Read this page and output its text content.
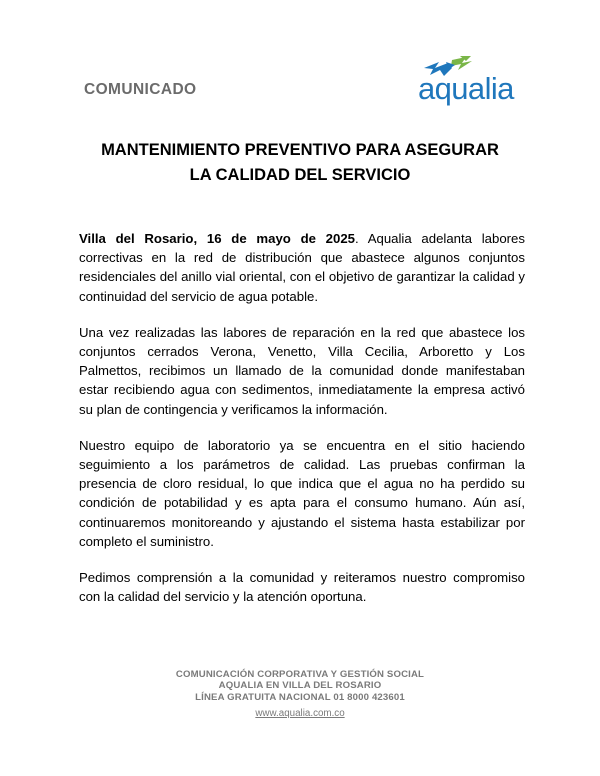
COMUNICADO	aqualia
MANTENIMIENTO PREVENTIVO PARA ASEGURAR
LA CALIDAD DEL SERVICIO

Villa del Rosario, 16 de mayo de 2025. Aqualia adelanta labores correctivas en la red de distribución que abastece algunos conjuntos residenciales del anillo vial oriental, con el objetivo de garantizar la calidad y continuidad del servicio de agua potable.

Una vez realizadas las labores de reparación en la red que abastece los conjuntos cerrados Verona, Venetto, Villa Cecilia, Arboretto y Los Palmettos, recibimos un llamado de la comunidad donde manifestaban estar recibiendo agua con sedimentos, inmediatamente la empresa activó su plan de contingencia y verificamos la información.

Nuestro equipo de laboratorio ya se encuentra en el sitio haciendo seguimiento a los parámetros de calidad. Las pruebas confirman la presencia de cloro residual, lo que indica que el agua no ha perdido su condición de potabilidad y es apta para el consumo humano. Aún así, continuaremos monitoreando y ajustando el sistema hasta estabilizar por completo el suministro.

Pedimos comprensión a la comunidad y reiteramos nuestro compromiso con la calidad del servicio y la atención oportuna.

COMUNICACIÓN CORPORATIVA Y GESTIÓN SOCIAL
AQUALIA EN VILLA DEL ROSARIO
LÍNEA GRATUITA NACIONAL 01 8000 423601
www.aqualia.com.co
